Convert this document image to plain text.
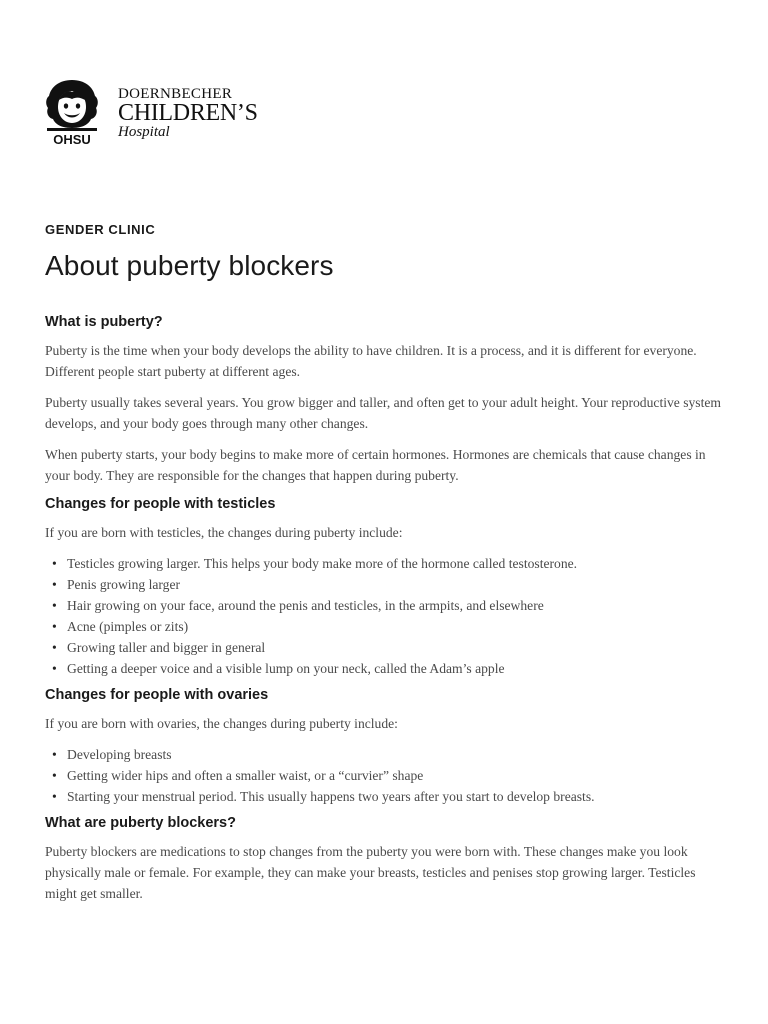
OHSU
DOERNBECHER
CHILDREN’S
Hospital
GENDER CLINIC
About puberty blockers
What is puberty?

Puberty is the time when your body develops the ability to have children. It is a process, and it is different for everyone. Different people start puberty at different ages.

Puberty usually takes several years. You grow bigger and taller, and often get to your adult height. Your reproductive system develops, and your body goes through many other changes.

When puberty starts, your body begins to make more of certain hormones. Hormones are chemicals that cause changes in your body. They are responsible for the changes that happen during puberty.

Changes for people with testicles

If you are born with testicles, the changes during puberty include:

• Testicles growing larger. This helps your body make more of the hormone called testosterone.
• Penis growing larger
• Hair growing on your face, around the penis and testicles, in the armpits, and elsewhere
• Acne (pimples or zits)
• Growing taller and bigger in general
• Getting a deeper voice and a visible lump on your neck, called the Adam’s apple
Changes for people with ovaries

If you are born with ovaries, the changes during puberty include:

• Developing breasts
• Getting wider hips and often a smaller waist, or a “curvier” shape
• Starting your menstrual period. This usually happens two years after you start to develop breasts.
What are puberty blockers?

Puberty blockers are medications to stop changes from the puberty you were born with. These changes make you look physically male or female. For example, they can make your breasts, testicles and penises stop growing larger. Testicles might get smaller.
